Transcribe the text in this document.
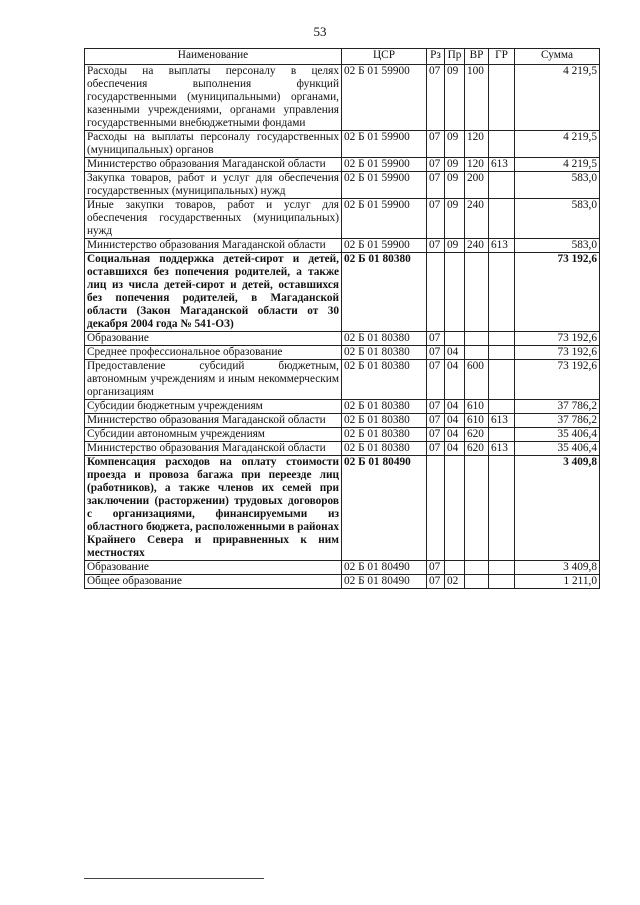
53
Наименование	ЦСР	Рз	Пр	ВР	ГР	Сумма
Расходы на выплаты персоналу в целях обеспечения выполнения функций государственными (муниципальными) органами, казенными учреждениями, органами управления государственными внебюджетными фондами	02 Б 01 59900	07	09	100		4 219,5
Расходы на выплаты персоналу государственных (муниципальных) органов	02 Б 01 59900	07	09	120		4 219,5
Министерство образования Магаданской области	02 Б 01 59900	07	09	120	613	4 219,5
Закупка товаров, работ и услуг для обеспечения государственных (муниципальных) нужд	02 Б 01 59900	07	09	200		583,0
Иные закупки товаров, работ и услуг для обеспечения государственных (муниципальных) нужд	02 Б 01 59900	07	09	240		583,0
Министерство образования Магаданской области	02 Б 01 59900	07	09	240	613	583,0
Социальная поддержка детей-сирот и детей, оставшихся без попечения родителей, а также лиц из числа детей-сирот и детей, оставшихся без попечения родителей, в Магаданской области (Закон Магаданской области от 30 декабря 2004 года № 541-ОЗ)	02 Б 01 80380					73 192,6
Образование	02 Б 01 80380	07				73 192,6
Среднее профессиональное образование	02 Б 01 80380	07	04			73 192,6
Предоставление субсидий бюджетным, автономным учреждениям и иным некоммерческим организациям	02 Б 01 80380	07	04	600		73 192,6
Субсидии бюджетным учреждениям	02 Б 01 80380	07	04	610		37 786,2
Министерство образования Магаданской области	02 Б 01 80380	07	04	610	613	37 786,2
Субсидии автономным учреждениям	02 Б 01 80380	07	04	620		35 406,4
Министерство образования Магаданской области	02 Б 01 80380	07	04	620	613	35 406,4
Компенсация расходов на оплату стоимости проезда и провоза багажа при переезде лиц (работников), а также членов их семей при заключении (расторжении) трудовых договоров с организациями, финансируемыми из областного бюджета, расположенными в районах Крайнего Севера и приравненных к ним местностях	02 Б 01 80490					3 409,8
Образование	02 Б 01 80490	07				3 409,8
Общее образование	02 Б 01 80490	07	02			1 211,0
